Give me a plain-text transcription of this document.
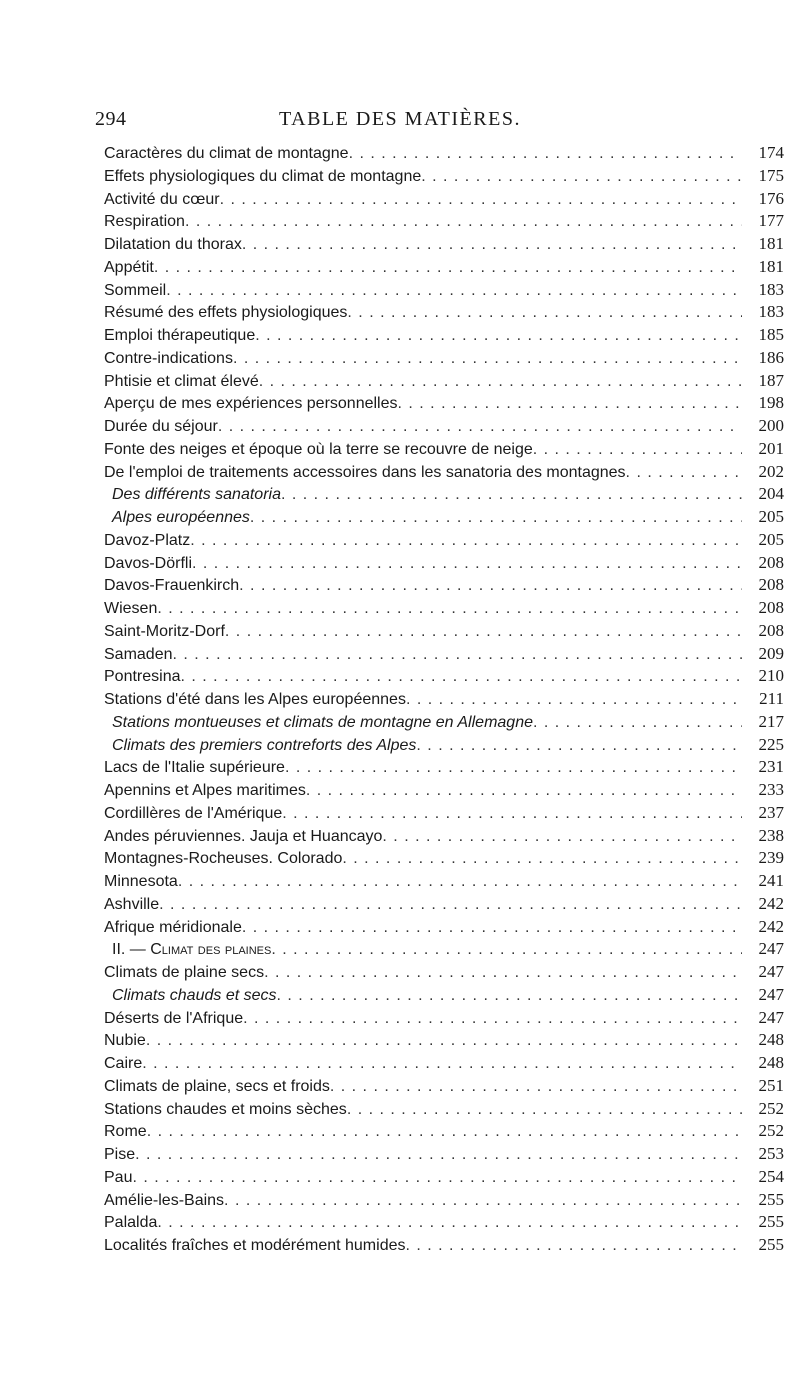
294	TABLE DES MATIÈRES.
Caractères du climat de montagne . . .	174
Effets physiologiques du climat de montagne . . .	175
Activité du cœur . . .	176
Respiration . . .	177
Dilatation du thorax . . .	181
Appétit . . .	181
Sommeil . . .	183
Résumé des effets physiologiques . . .	183
Emploi thérapeutique . . .	185
Contre-indications . . .	186
Phtisie et climat élevé . . .	187
Aperçu de mes expériences personnelles . . .	198
Durée du séjour . . .	200
Fonte des neiges et époque où la terre se recouvre de neige . . .	201
De l'emploi de traitements accessoires dans les sanatoria des montagnes . . .	202
Des différents sanatoria . . .	204
Alpes européennes . . .	205
Davoz-Platz . . .	205
Davos-Dörfli . . .	208
Davos-Frauenkirch . . .	208
Wiesen . . .	208
Saint-Moritz-Dorf . . .	208
Samaden . . .	209
Pontresina . . .	210
Stations d'été dans les Alpes européennes . . .	211
Stations montueuses et climats de montagne en Allemagne . . .	217
Climats des premiers contreforts des Alpes . . .	225
Lacs de l'Italie supérieure . . .	231
Apennins et Alpes maritimes . . .	233
Cordillères de l'Amérique . . .	237
Andes péruviennes. Jauja et Huancayo . . .	238
Montagnes-Rocheuses. Colorado . . .	239
Minnesota . . .	241
Ashville . . .	242
Afrique méridionale . . .	242
II. — Climat des plaines . . .	247
Climats de plaine secs . . .	247
Climats chauds et secs . . .	247
Déserts de l'Afrique . . .	247
Nubie . . .	248
Caire . . .	248
Climats de plaine, secs et froids . . .	251
Stations chaudes et moins sèches . . .	252
Rome . . .	252
Pise . . .	253
Pau . . .	254
Amélie-les-Bains . . .	255
Palalda . . .	255
Localités fraîches et modérément humides . . .	255
